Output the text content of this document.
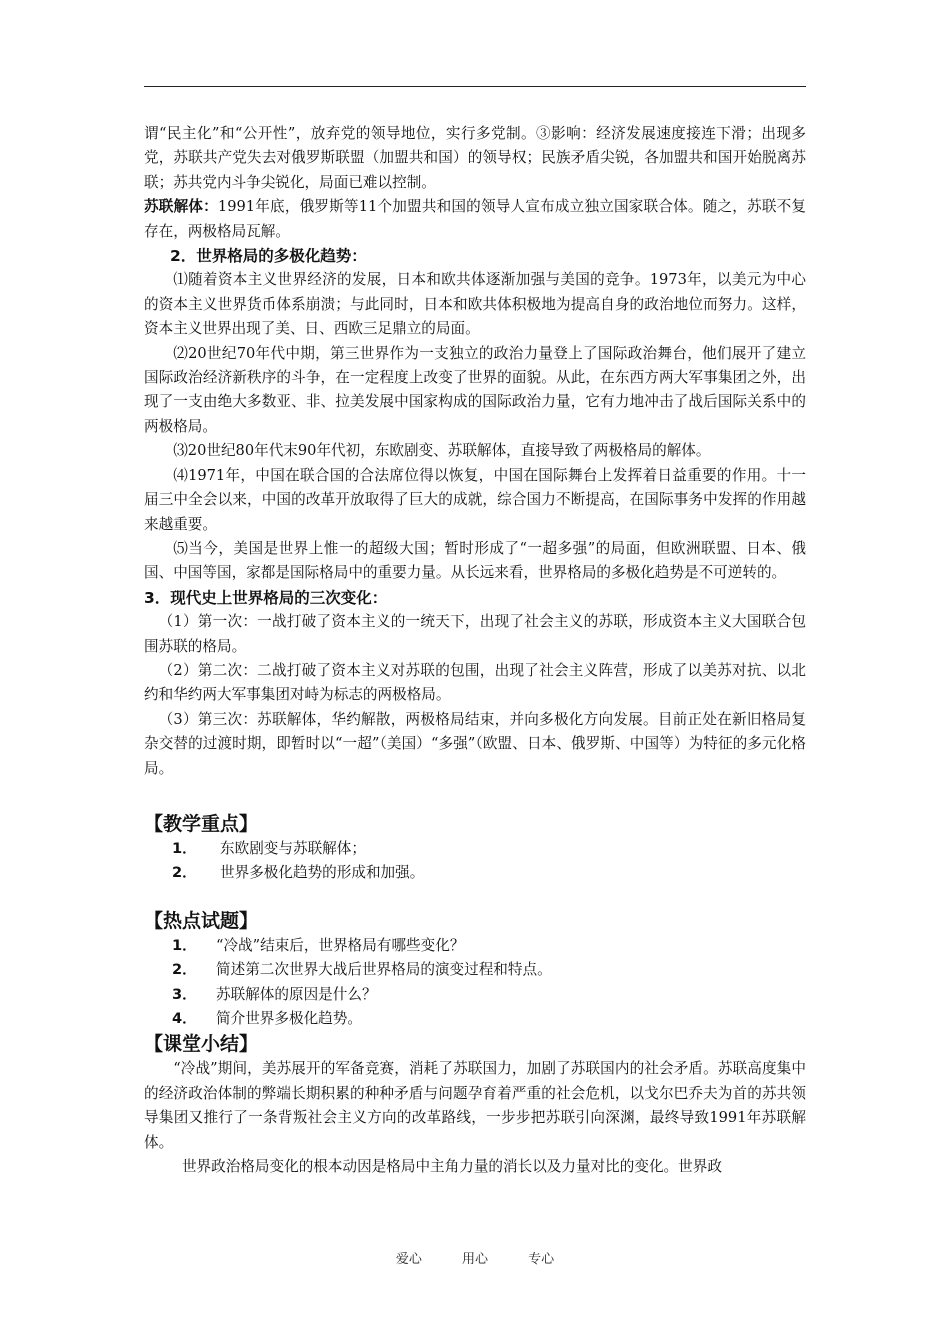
谓“民主化”和“公开性”，放弃党的领导地位，实行多党制。③影响：经济发展速度接连下滑；出现多党，苏联共产党失去对俄罗斯联盟（加盟共和国）的领导权；民族矛盾尖锐，各加盟共和国开始脱离苏联；苏共党内斗争尖锐化，局面已难以控制。

苏联解体：1991年底，俄罗斯等11个加盟共和国的领导人宣布成立独立国家联合体。随之，苏联不复存在，两极格局瓦解。

2．世界格局的多极化趋势：

⑴随着资本主义世界经济的发展，日本和欧共体逐渐加强与美国的竞争。1973年，以美元为中心的资本主义世界货币体系崩溃；与此同时，日本和欧共体积极地为提高自身的政治地位而努力。这样，资本主义世界出现了美、日、西欧三足鼎立的局面。

⑵20世纪70年代中期，第三世界作为一支独立的政治力量登上了国际政治舞台，他们展开了建立国际政治经济新秩序的斗争，在一定程度上改变了世界的面貌。从此，在东西方两大军事集团之外，出现了一支由绝大多数亚、非、拉美发展中国家构成的国际政治力量，它有力地冲击了战后国际关系中的两极格局。

⑶20世纪80年代末90年代初，东欧剧变、苏联解体，直接导致了两极格局的解体。

⑷1971年，中国在联合国的合法席位得以恢复，中国在国际舞台上发挥着日益重要的作用。十一届三中全会以来，中国的改革开放取得了巨大的成就，综合国力不断提高，在国际事务中发挥的作用越来越重要。

⑸当今，美国是世界上惟一的超级大国；暂时形成了“一超多强”的局面，但欧洲联盟、日本、俄国、中国等国，家都是国际格局中的重要力量。从长远来看，世界格局的多极化趋势是不可逆转的。

3．现代史上世界格局的三次变化：

（1）第一次：一战打破了资本主义的一统天下，出现了社会主义的苏联，形成资本主义大国联合包围苏联的格局。

（2）第二次：二战打破了资本主义对苏联的包围，出现了社会主义阵营，形成了以美苏对抗、以北约和华约两大军事集团对峙为标志的两极格局。

（3）第三次：苏联解体，华约解散，两极格局结束，并向多极化方向发展。目前正处在新旧格局复杂交替的过渡时期，即暂时以“一超”（美国）“多强”（欧盟、日本、俄罗斯、中国等）为特征的多元化格局。

【教学重点】
1．	东欧剧变与苏联解体；
2．	世界多极化趋势的形成和加强。
【热点试题】
1．	“冷战”结束后，世界格局有哪些变化？
2．	简述第二次世界大战后世界格局的演变过程和特点。
3．	苏联解体的原因是什么？
4．	简介世界多极化趋势。
【课堂小结】

“冷战”期间，美苏展开的军备竞赛，消耗了苏联国力，加剧了苏联国内的社会矛盾。苏联高度集中的经济政治体制的弊端长期积累的种种矛盾与问题孕育着严重的社会危机，以戈尔巴乔夫为首的苏共领导集团又推行了一条背叛社会主义方向的改革路线，一步步把苏联引向深渊，最终导致1991年苏联解体。

世界政治格局变化的根本动因是格局中主角力量的消长以及力量对比的变化。世界政

爱心	用心	专心
